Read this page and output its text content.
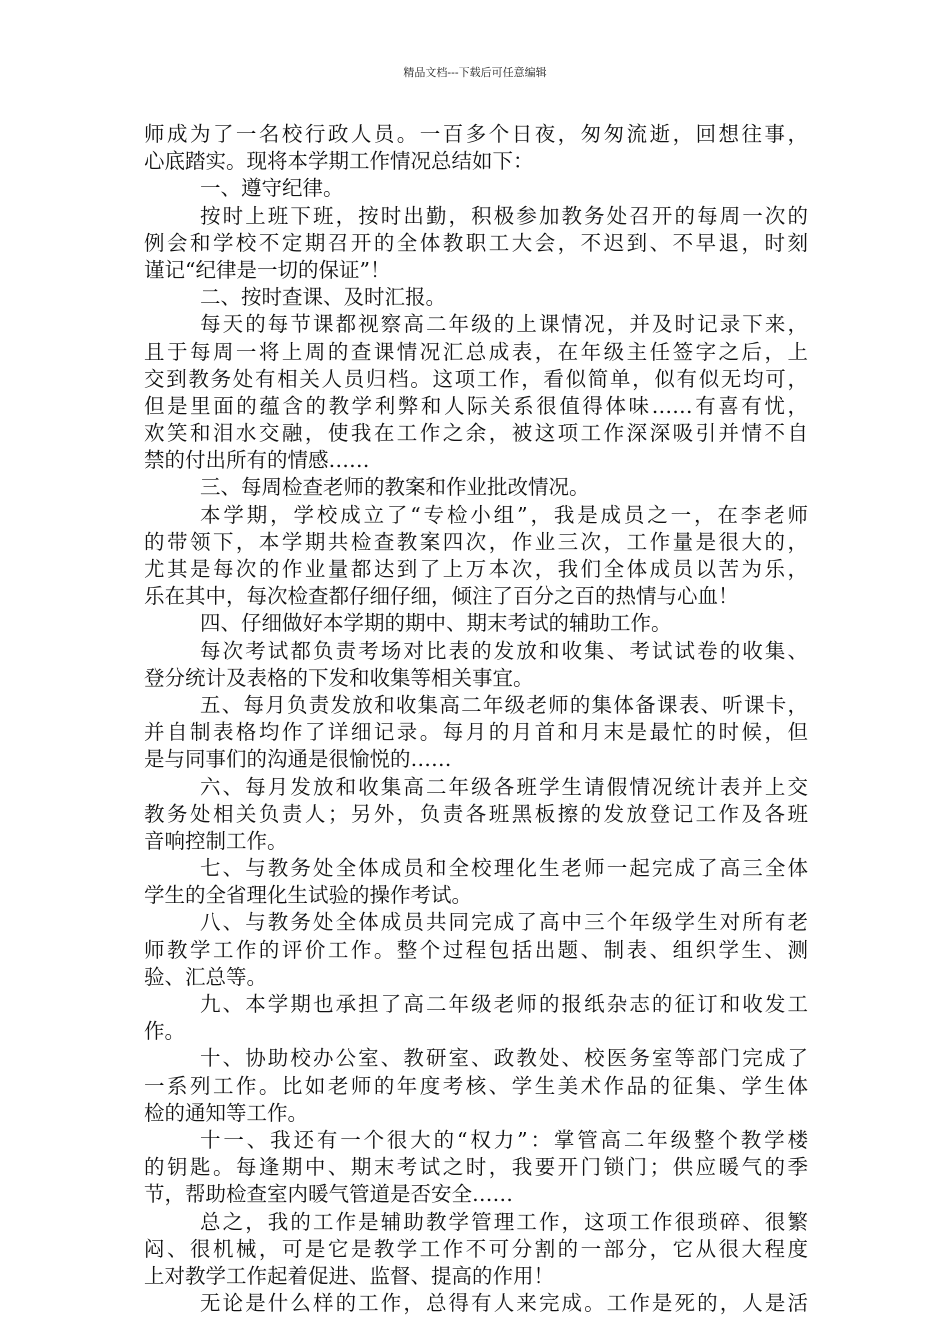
精品文档---下载后可任意编辑
师成为了一名校行政人员。一百多个日夜，匆匆流逝，回想往事，
心底踏实。现将本学期工作情况总结如下：
一、遵守纪律。
按时上班下班，按时出勤，积极参加教务处召开的每周一次的
例会和学校不定期召开的全体教职工大会，不迟到、不早退，时刻
谨记“纪律是一切的保证”！
二、按时查课、及时汇报。
每天的每节课都视察高二年级的上课情况，并及时记录下来，
且于每周一将上周的查课情况汇总成表，在年级主任签字之后，上
交到教务处有相关人员归档。这项工作，看似简单，似有似无均可，
但是里面的蕴含的教学利弊和人际关系很值得体味……有喜有忧，
欢笑和泪水交融，使我在工作之余，被这项工作深深吸引并情不自
禁的付出所有的情感……
三、每周检查老师的教案和作业批改情况。
本学期，学校成立了“专检小组”，我是成员之一，在李老师
的带领下，本学期共检查教案四次，作业三次，工作量是很大的，
尤其是每次的作业量都达到了上万本次，我们全体成员以苦为乐，
乐在其中，每次检查都仔细仔细，倾注了百分之百的热情与心血！
四、仔细做好本学期的期中、期末考试的辅助工作。
每次考试都负责考场对比表的发放和收集、考试试卷的收集、
登分统计及表格的下发和收集等相关事宜。
五、每月负责发放和收集高二年级老师的集体备课表、听课卡，
并自制表格均作了详细记录。每月的月首和月末是最忙的时候，但
是与同事们的沟通是很愉悦的……
六、每月发放和收集高二年级各班学生请假情况统计表并上交
教务处相关负责人；另外，负责各班黑板擦的发放登记工作及各班
音响控制工作。
七、与教务处全体成员和全校理化生老师一起完成了高三全体
学生的全省理化生试验的操作考试。
八、与教务处全体成员共同完成了高中三个年级学生对所有老
师教学工作的评价工作。整个过程包括出题、制表、组织学生、测
验、汇总等。
九、本学期也承担了高二年级老师的报纸杂志的征订和收发工
作。
十、协助校办公室、教研室、政教处、校医务室等部门完成了
一系列工作。比如老师的年度考核、学生美术作品的征集、学生体
检的通知等工作。
十一、我还有一个很大的“权力”：掌管高二年级整个教学楼
的钥匙。每逢期中、期末考试之时，我要开门锁门；供应暖气的季
节，帮助检查室内暖气管道是否安全……
总之，我的工作是辅助教学管理工作，这项工作很琐碎、很繁
闷、很机械，可是它是教学工作不可分割的一部分，它从很大程度
上对教学工作起着促进、监督、提高的作用！
无论是什么样的工作，总得有人来完成。工作是死的，人是活
